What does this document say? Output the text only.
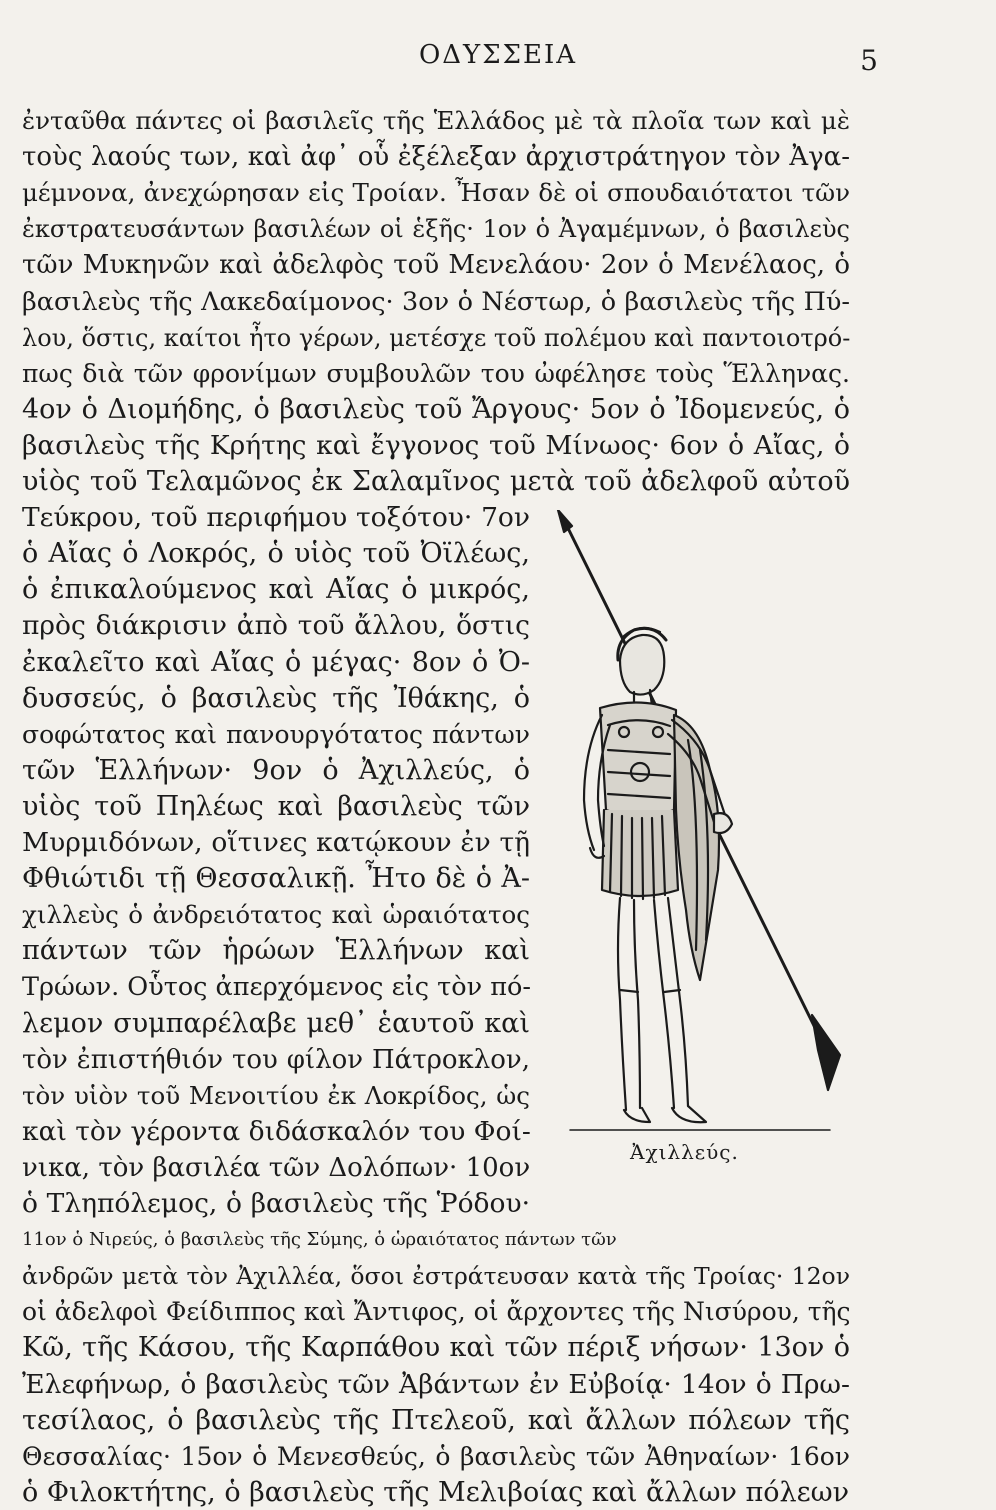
ΟΔΥΣΣΕΙΑ	5
ἐνταῦθα πάντες οἱ βασιλεῖς τῆς Ἑλλάδος μὲ τὰ πλοῖα των καὶ μὲ
τοὺς λαούς των, καὶ ἀφ᾽ οὗ ἐξέλεξαν ἀρχιστράτηγον τὸν Ἀγα-
μέμνονα, ἀνεχώρησαν εἰς Τροίαν. Ἦσαν δὲ οἱ σπουδαιότατοι τῶν
ἐκστρατευσάντων βασιλέων οἱ ἑξῆς· 1ον ὁ Ἀγαμέμνων, ὁ βασιλεὺς
τῶν Μυκηνῶν καὶ ἀδελφὸς τοῦ Μενελάου· 2ον ὁ Μενέλαος, ὁ
βασιλεὺς τῆς Λακεδαίμονος· 3ον ὁ Νέστωρ, ὁ βασιλεὺς τῆς Πύ-
λου, ὅστις, καίτοι ἦτο γέρων, μετέσχε τοῦ πολέμου καὶ παντοιοτρό-
πως διὰ τῶν φρονίμων συμβουλῶν του ὠφέλησε τοὺς Ἕλληνας.
4ον ὁ Διομήδης, ὁ βασιλεὺς τοῦ Ἄργους· 5ον ὁ Ἰδομενεύς, ὁ
βασιλεὺς τῆς Κρήτης καὶ ἔγγονος τοῦ Μίνωος· 6ον ὁ Αἴας, ὁ
υἱὸς τοῦ Τελαμῶνος ἐκ Σαλαμῖνος μετὰ τοῦ ἀδελφοῦ αὐτοῦ
Τεύκρου, τοῦ περιφήμου τοξότου· 7ον
ὁ Αἴας ὁ Λοκρός, ὁ υἱὸς τοῦ Ὀϊλέως,
ὁ ἐπικαλούμενος καὶ Αἴας ὁ μικρός,
πρὸς διάκρισιν ἀπὸ τοῦ ἄλλου, ὅστις
ἐκαλεῖτο καὶ Αἴας ὁ μέγας· 8ον ὁ Ὀ-
δυσσεύς, ὁ βασιλεὺς τῆς Ἰθάκης, ὁ
σοφώτατος καὶ πανουργότατος πάντων
τῶν Ἑλλήνων· 9ον ὁ Ἀχιλλεύς, ὁ
υἱὸς τοῦ Πηλέως καὶ βασιλεὺς τῶν
Μυρμιδόνων, οἵτινες κατῴκουν ἐν τῇ
Φθιώτιδι τῇ Θεσσαλικῇ. Ἦτο δὲ ὁ Ἀ-
χιλλεὺς ὁ ἀνδρειότατος καὶ ὡραιότατος
πάντων τῶν ἡρώων Ἑλλήνων καὶ
Τρώων. Οὗτος ἀπερχόμενος εἰς τὸν πό-
λεμον συμπαρέλαβε μεθ᾽ ἑαυτοῦ καὶ
τὸν ἐπιστήθιόν του φίλον Πάτροκλον,
τὸν υἱὸν τοῦ Μενοιτίου ἐκ Λοκρίδος, ὡς
καὶ τὸν γέροντα διδάσκαλόν του Φοί-
νικα, τὸν βασιλέα τῶν Δολόπων· 10ον
ὁ Τληπόλεμος, ὁ βασιλεὺς τῆς Ῥόδου·
11ον ὁ Νιρεύς, ὁ βασιλεὺς τῆς Σύμης, ὁ ὡραιότατος πάντων τῶν
ἀνδρῶν μετὰ τὸν Ἀχιλλέα, ὅσοι ἐστράτευσαν κατὰ τῆς Τροίας· 12ον
οἱ ἀδελφοὶ Φείδιππος καὶ Ἄντιφος, οἱ ἄρχοντες τῆς Νισύρου, τῆς
Κῶ, τῆς Κάσου, τῆς Καρπάθου καὶ τῶν πέριξ νήσων· 13ον ὁ
Ἐλεφήνωρ, ὁ βασιλεὺς τῶν Ἀβάντων ἐν Εὐβοίᾳ· 14ον ὁ Πρω-
τεσίλαος, ὁ βασιλεὺς τῆς Πτελεοῦ, καὶ ἄλλων πόλεων τῆς
Θεσσαλίας· 15ον ὁ Μενεσθεύς, ὁ βασιλεὺς τῶν Ἀθηναίων· 16ον
ὁ Φιλοκτήτης, ὁ βασιλεὺς τῆς Μελιβοίας καὶ ἄλλων πόλεων
Ἀχιλλεύς.
